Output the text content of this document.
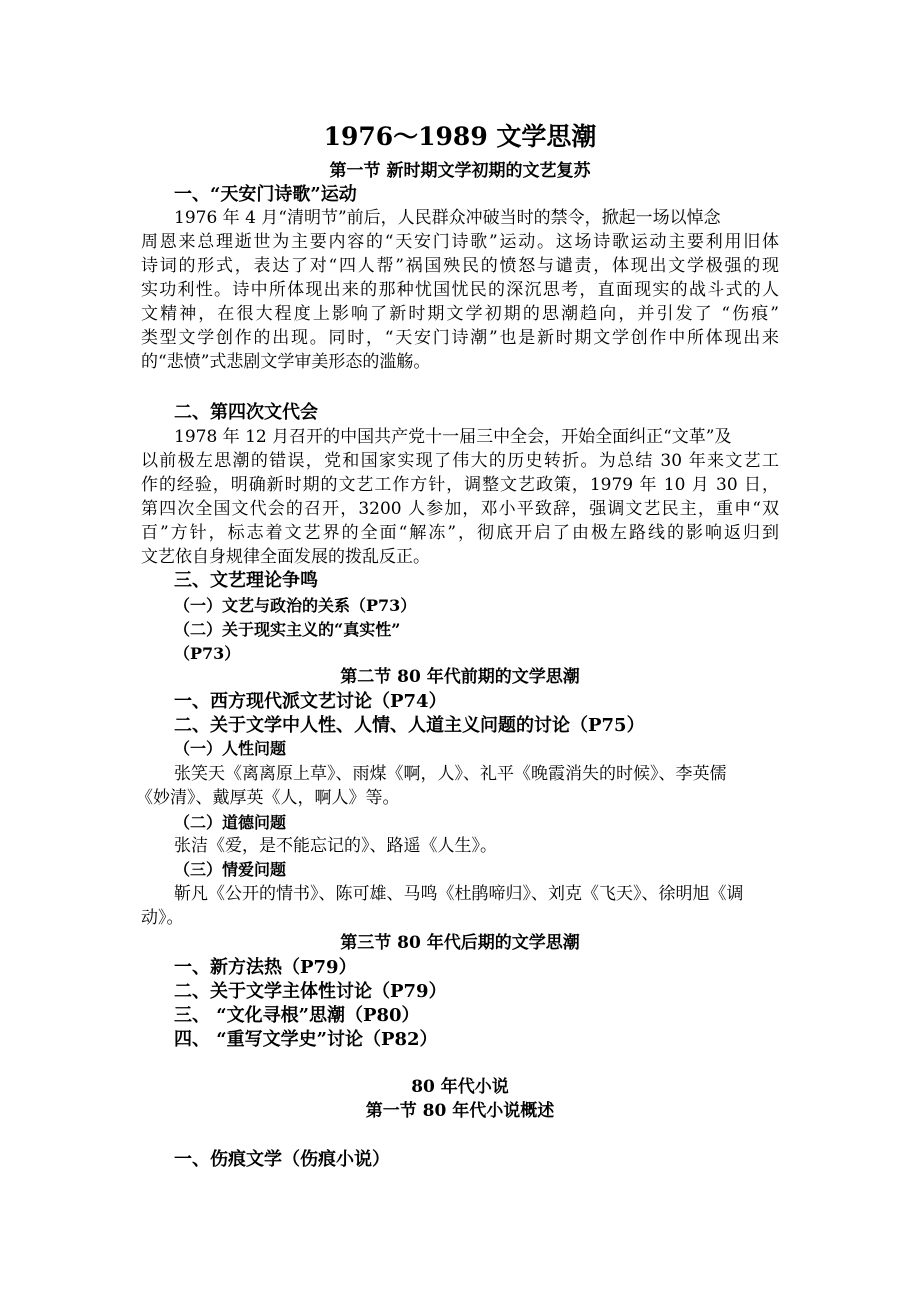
1976～1989 文学思潮
第一节 新时期文学初期的文艺复苏
一、“天安门诗歌”运动
1976 年 4 月“清明节”前后，人民群众冲破当时的禁令，掀起一场以悼念
周恩来总理逝世为主要内容的“天安门诗歌”运动。这场诗歌运动主要利用旧体
诗词的形式，表达了对“四人帮”祸国殃民的愤怒与谴责，体现出文学极强的现
实功利性。诗中所体现出来的那种忧国忧民的深沉思考，直面现实的战斗式的人
文精神，在很大程度上影响了新时期文学初期的思潮趋向，并引发了 “伤痕”
类型文学创作的出现。同时，“天安门诗潮”也是新时期文学创作中所体现出来
的“悲愤”式悲剧文学审美形态的滥觞。
二、第四次文代会
1978 年 12 月召开的中国共产党十一届三中全会，开始全面纠正“文革”及
以前极左思潮的错误，党和国家实现了伟大的历史转折。为总结 30 年来文艺工
作的经验，明确新时期的文艺工作方针，调整文艺政策，1979 年 10 月 30 日，
第四次全国文代会的召开，3200 人参加，邓小平致辞，强调文艺民主，重申“双
百”方针，标志着文艺界的全面“解冻”，彻底开启了由极左路线的影响返归到
文艺依自身规律全面发展的拨乱反正。
三、文艺理论争鸣
（一）文艺与政治的关系（P73）
（二）关于现实主义的“真实性”
（P73）
第二节 80 年代前期的文学思潮
一、西方现代派文艺讨论（P74）
二、关于文学中人性、人情、人道主义问题的讨论（P75）
（一）人性问题
张笑天《离离原上草》、雨煤《啊，人》、礼平《晚霞消失的时候》、李英儒
《妙清》、戴厚英《人，啊人》等。
（二）道德问题
张洁《爱，是不能忘记的》、路遥《人生》。
（三）情爱问题
靳凡《公开的情书》、陈可雄、马鸣《杜鹃啼归》、刘克《飞天》、徐明旭《调
动》。
第三节 80 年代后期的文学思潮
一、新方法热（P79）
二、关于文学主体性讨论（P79）
三、 “文化寻根”思潮（P80）
四、 “重写文学史”讨论（P82）
80 年代小说
第一节 80 年代小说概述
一、伤痕文学（伤痕小说）
